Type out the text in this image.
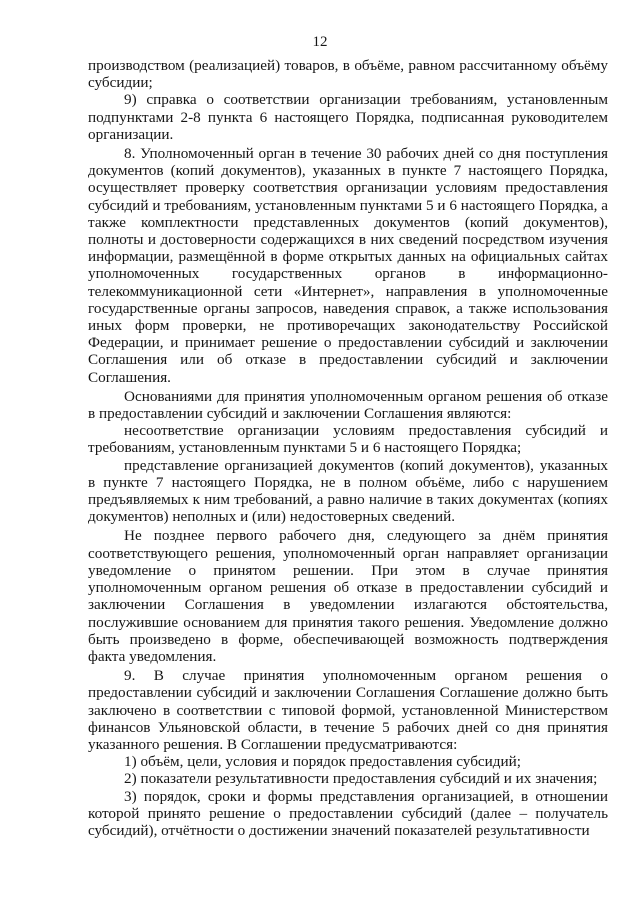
12

производством (реализацией) товаров, в объёме, равном рассчитанному объёму субсидии;

9) справка о соответствии организации требованиям, установленным подпунктами 2-8 пункта 6 настоящего Порядка, подписанная руководителем организации.

8. Уполномоченный орган в течение 30 рабочих дней со дня поступления документов (копий документов), указанных в пункте 7 настоящего Порядка, осуществляет проверку соответствия организации условиям предоставления субсидий и требованиям, установленным пунктами 5 и 6 настоящего Порядка, а также комплектности представленных документов (копий документов), полноты и достоверности содержащихся в них сведений посредством изучения информации, размещённой в форме открытых данных на официальных сайтах уполномоченных государственных органов в информационно-телекоммуникационной сети «Интернет», направления в уполномоченные государственные органы запросов, наведения справок, а также использования иных форм проверки, не противоречащих законодательству Российской Федерации, и принимает решение о предоставлении субсидий и заключении Соглашения или об отказе в предоставлении субсидий и заключении Соглашения.

Основаниями для принятия уполномоченным органом решения об отказе в предоставлении субсидий и заключении Соглашения являются:

несоответствие организации условиям предоставления субсидий и требованиям, установленным пунктами 5 и 6 настоящего Порядка;

представление организацией документов (копий документов), указанных в пункте 7 настоящего Порядка, не в полном объёме, либо с нарушением предъявляемых к ним требований, а равно наличие в таких документах (копиях документов) неполных и (или) недостоверных сведений.

Не позднее первого рабочего дня, следующего за днём принятия соответствующего решения, уполномоченный орган направляет организации уведомление о принятом решении. При этом в случае принятия уполномоченным органом решения об отказе в предоставлении субсидий и заключении Соглашения в уведомлении излагаются обстоятельства, послужившие основанием для принятия такого решения. Уведомление должно быть произведено в форме, обеспечивающей возможность подтверждения факта уведомления.

9. В случае принятия уполномоченным органом решения о предоставлении субсидий и заключении Соглашения Соглашение должно быть заключено в соответствии с типовой формой, установленной Министерством финансов Ульяновской области, в течение 5 рабочих дней со дня принятия указанного решения. В Соглашении предусматриваются:

1) объём, цели, условия и порядок предоставления субсидий;

2) показатели результативности предоставления субсидий и их значения;

3) порядок, сроки и формы представления организацией, в отношении которой принято решение о предоставлении субсидий (далее – получатель субсидий), отчётности о достижении значений показателей результативности
